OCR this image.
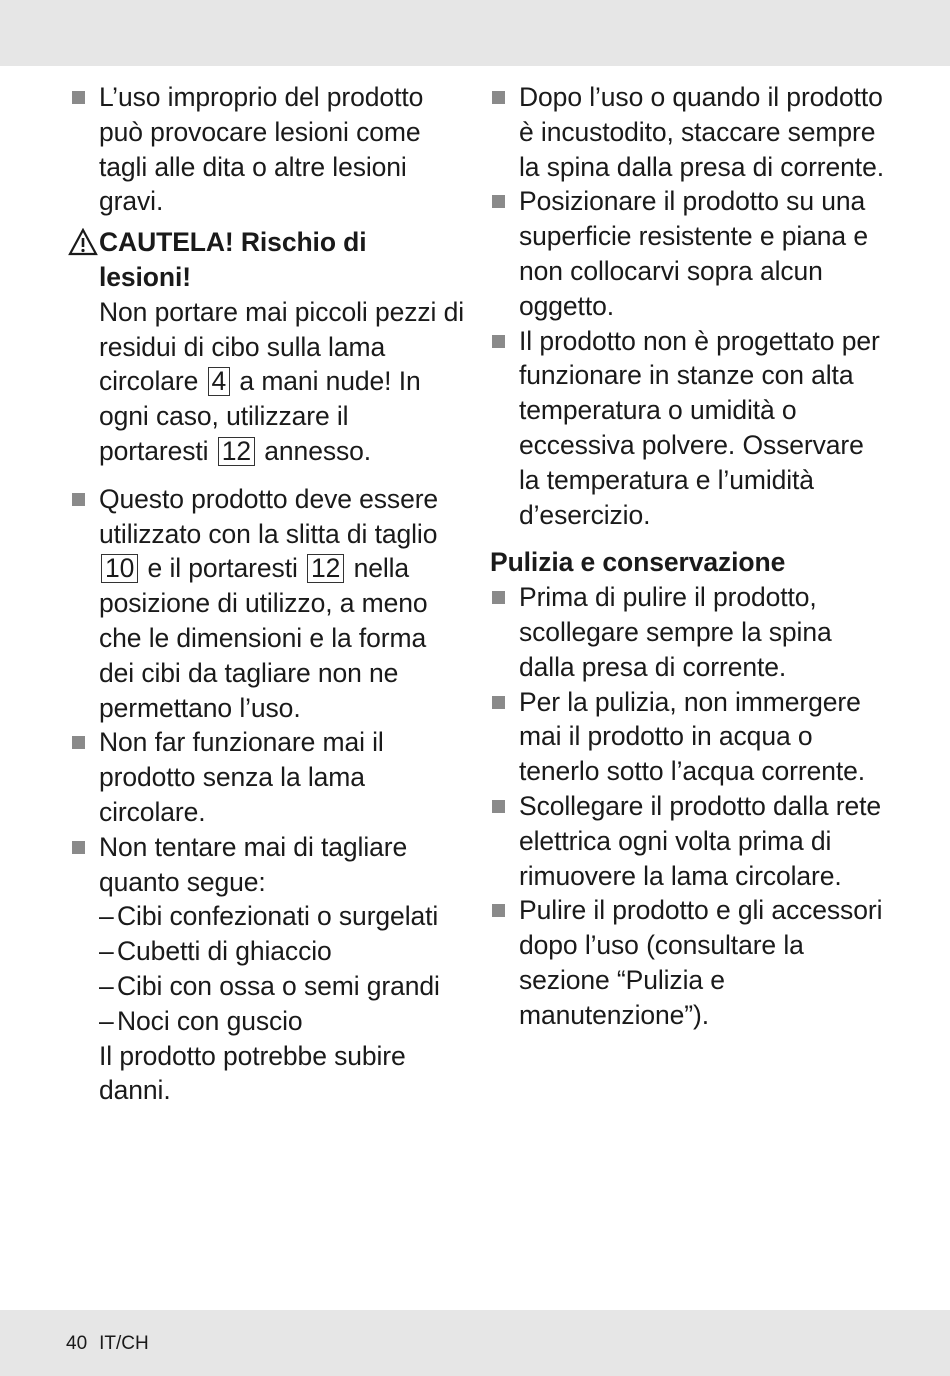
L’uso improprio del prodotto può provocare lesioni come tagli alle dita o altre lesioni gravi.

CAUTELA! Rischio di lesioni!

Non portare mai piccoli pezzi di residui di cibo sulla lama circolare 4 a mani nude! In ogni caso, utilizzare il portaresti 12 annesso.

Questo prodotto deve essere utilizzato con la slitta di taglio 10 e il portaresti 12 nella posizione di utilizzo, a meno che le dimensioni e la forma dei cibi da tagliare non ne permettano l’uso.

Non far funzionare mai il prodotto senza la lama circolare.

Non tentare mai di tagliare quanto segue:

– Cibi confezionati o surgelati
– Cubetti di ghiaccio
– Cibi con ossa o semi grandi
– Noci con guscio

Il prodotto potrebbe subire danni.

Dopo l’uso o quando il prodotto è incustodito, staccare sempre la spina dalla presa di corrente.

Posizionare il prodotto su una superficie resistente e piana e non collocarvi sopra alcun oggetto.

Il prodotto non è progettato per funzionare in stanze con alta temperatura o umidità o eccessiva polvere. Osservare la temperatura e l’umidità d’esercizio.

Pulizia e conservazione

Prima di pulire il prodotto, scollegare sempre la spina dalla presa di corrente.

Per la pulizia, non immergere mai il prodotto in acqua o tenerlo sotto l’acqua corrente.

Scollegare il prodotto dalla rete elettrica ogni volta prima di rimuovere la lama circolare.

Pulire il prodotto e gli accessori dopo l’uso (consultare la sezione “Pulizia e manutenzione”).

40 IT/CH
